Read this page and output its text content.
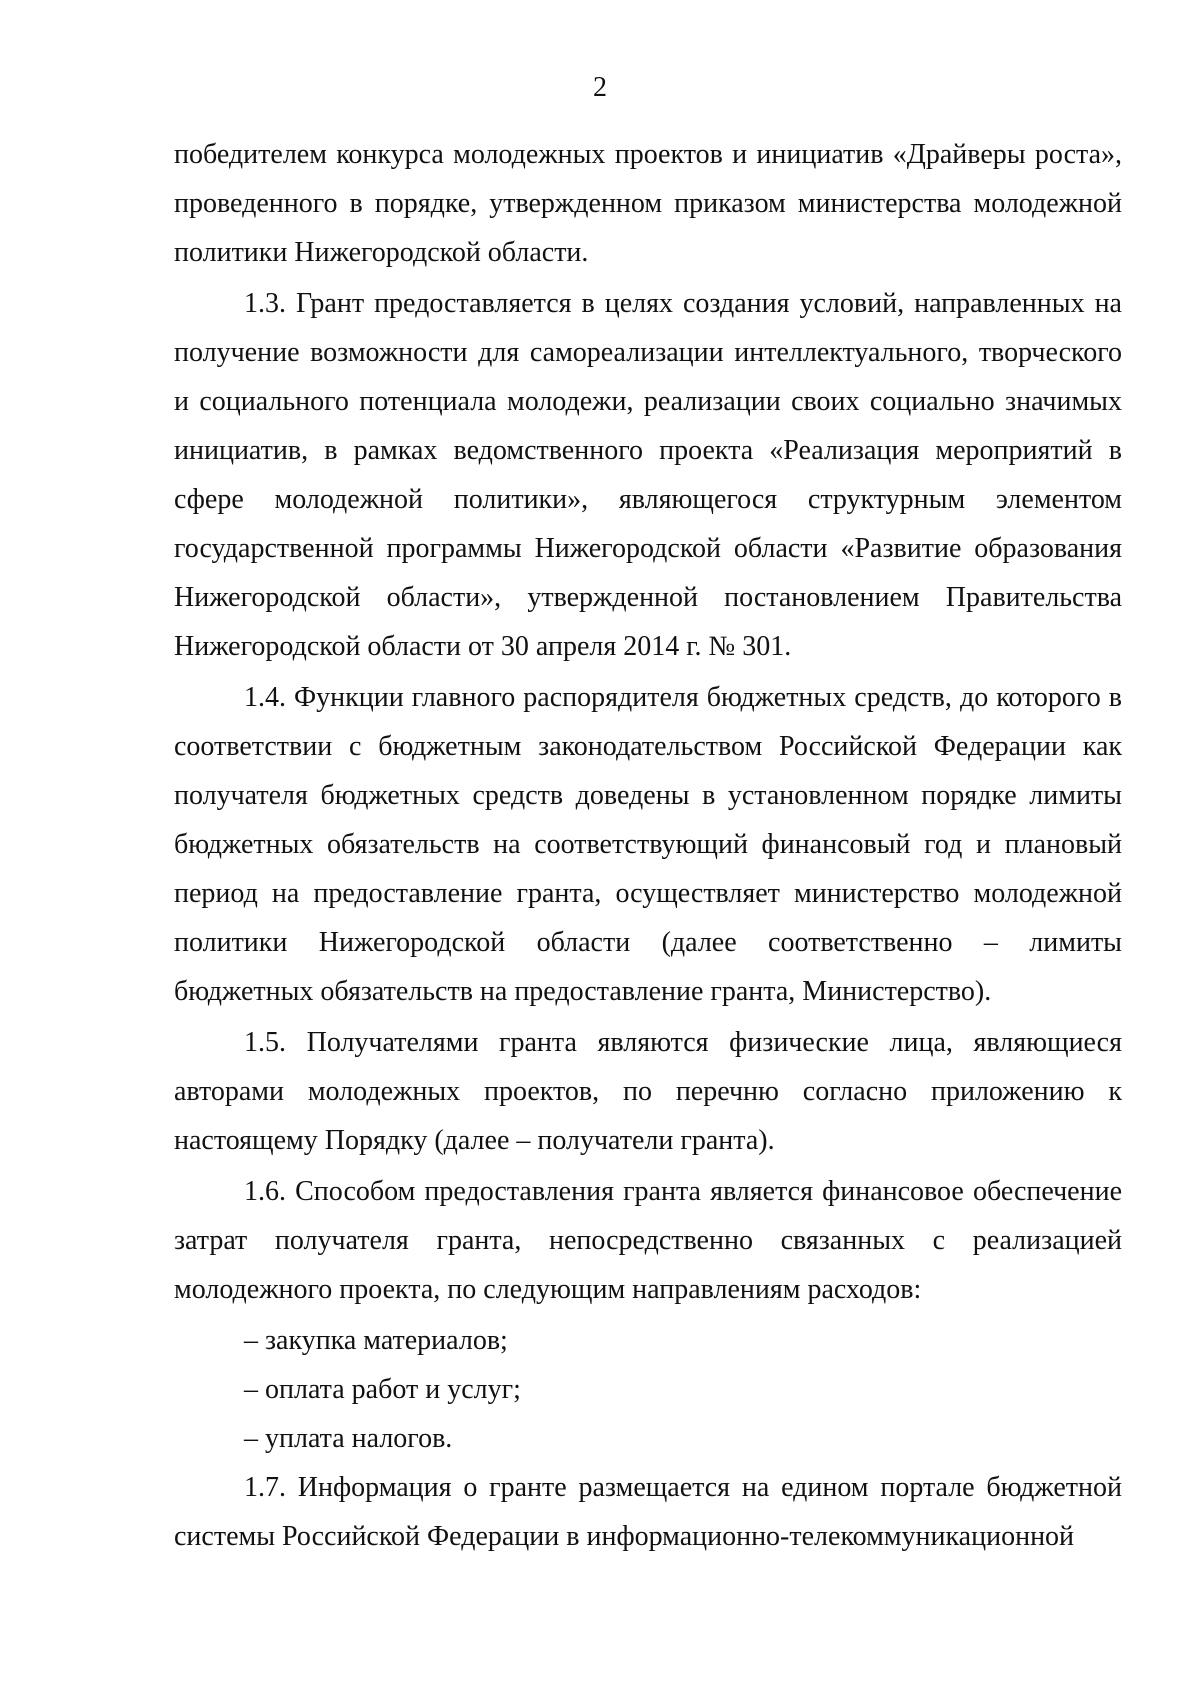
2

победителем конкурса молодежных проектов и инициатив «Драйверы роста», проведенного в порядке, утвержденном приказом министерства молодежной политики Нижегородской области.

1.3. Грант предоставляется в целях создания условий, направленных на получение возможности для самореализации интеллектуального, творческого и социального потенциала молодежи, реализации своих социально значимых инициатив, в рамках ведомственного проекта «Реализация мероприятий в сфере молодежной политики», являющегося структурным элементом государственной программы Нижегородской области «Развитие образования Нижегородской области», утвержденной постановлением Правительства Нижегородской области от 30 апреля 2014 г. № 301.

1.4. Функции главного распорядителя бюджетных средств, до которого в соответствии с бюджетным законодательством Российской Федерации как получателя бюджетных средств доведены в установленном порядке лимиты бюджетных обязательств на соответствующий финансовый год и плановый период на предоставление гранта, осуществляет министерство молодежной политики Нижегородской области (далее соответственно – лимиты бюджетных обязательств на предоставление гранта, Министерство).

1.5. Получателями гранта являются физические лица, являющиеся авторами молодежных проектов, по перечню согласно приложению к настоящему Порядку (далее – получатели гранта).

1.6. Способом предоставления гранта является финансовое обеспечение затрат получателя гранта, непосредственно связанных с реализацией молодежного проекта, по следующим направлениям расходов:

– закупка материалов;

– оплата работ и услуг;

– уплата налогов.

1.7. Информация о гранте размещается на едином портале бюджетной системы Российской Федерации в информационно-телекоммуникационной
